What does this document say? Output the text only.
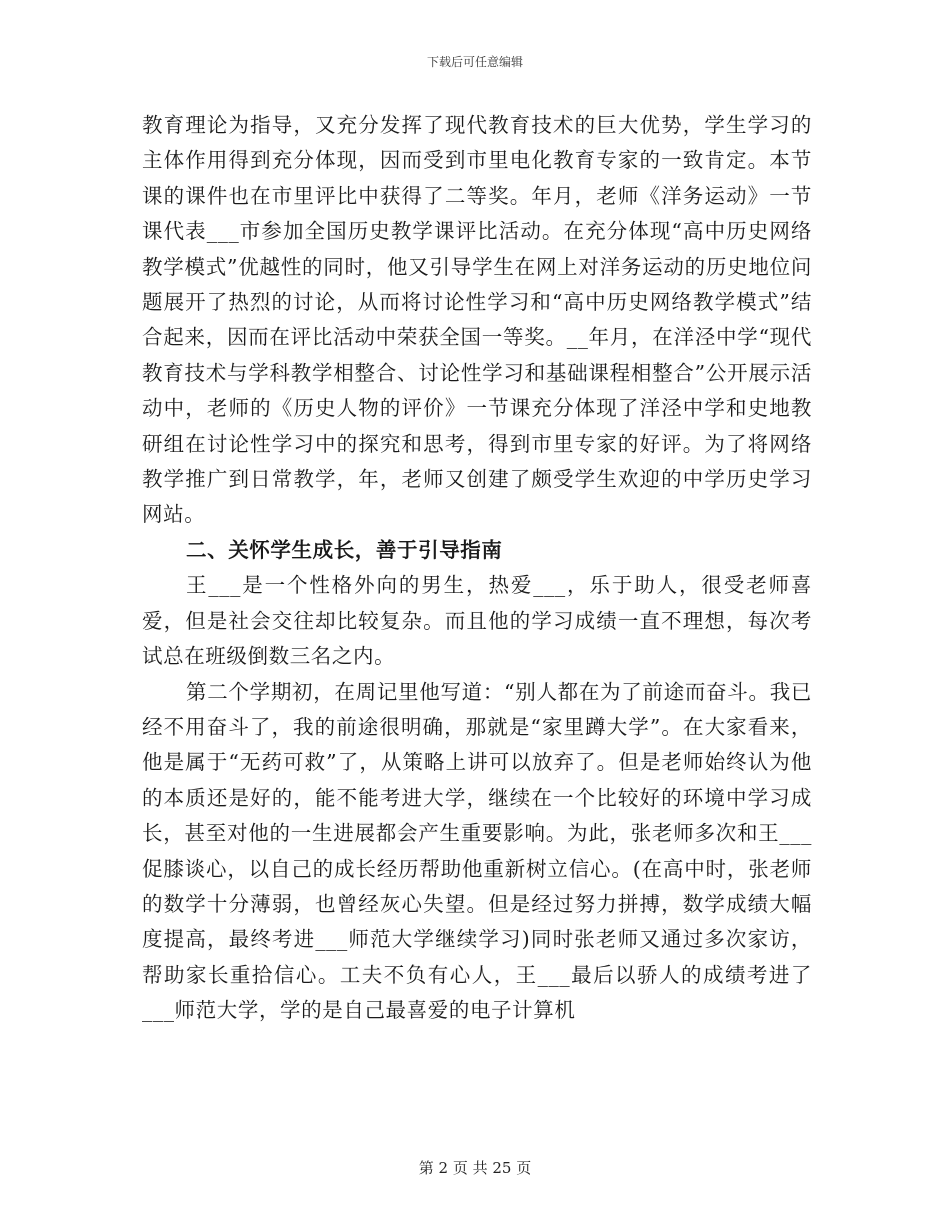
下载后可任意编辑

教育理论为指导，又充分发挥了现代教育技术的巨大优势，学生学习的主体作用得到充分体现，因而受到市里电化教育专家的一致肯定。本节课的课件也在市里评比中获得了二等奖。年月，老师《洋务运动》一节课代表___市参加全国历史教学课评比活动。在充分体现“高中历史网络教学模式”优越性的同时，他又引导学生在网上对洋务运动的历史地位问题展开了热烈的讨论，从而将讨论性学习和“高中历史网络教学模式”结合起来，因而在评比活动中荣获全国一等奖。__年月，在洋泾中学“现代教育技术与学科教学相整合、讨论性学习和基础课程相整合”公开展示活动中，老师的《历史人物的评价》一节课充分体现了洋泾中学和史地教研组在讨论性学习中的探究和思考，得到市里专家的好评。为了将网络教学推广到日常教学，年，老师又创建了颇受学生欢迎的中学历史学习网站。

二、关怀学生成长，善于引导指南

王___是一个性格外向的男生，热爱___，乐于助人，很受老师喜爱，但是社会交往却比较复杂。而且他的学习成绩一直不理想，每次考试总在班级倒数三名之内。

第二个学期初，在周记里他写道：“别人都在为了前途而奋斗。我已经不用奋斗了，我的前途很明确，那就是“家里蹲大学”。在大家看来，他是属于“无药可救”了，从策略上讲可以放弃了。但是老师始终认为他的本质还是好的，能不能考进大学，继续在一个比较好的环境中学习成长，甚至对他的一生进展都会产生重要影响。为此，张老师多次和王___促膝谈心，以自己的成长经历帮助他重新树立信心。(在高中时，张老师的数学十分薄弱，也曾经灰心失望。但是经过努力拼搏，数学成绩大幅度提高，最终考进___师范大学继续学习)同时张老师又通过多次家访，帮助家长重拾信心。工夫不负有心人，王___最后以骄人的成绩考进了___师范大学，学的是自己最喜爱的电子计算机

第 2 页 共 25 页
